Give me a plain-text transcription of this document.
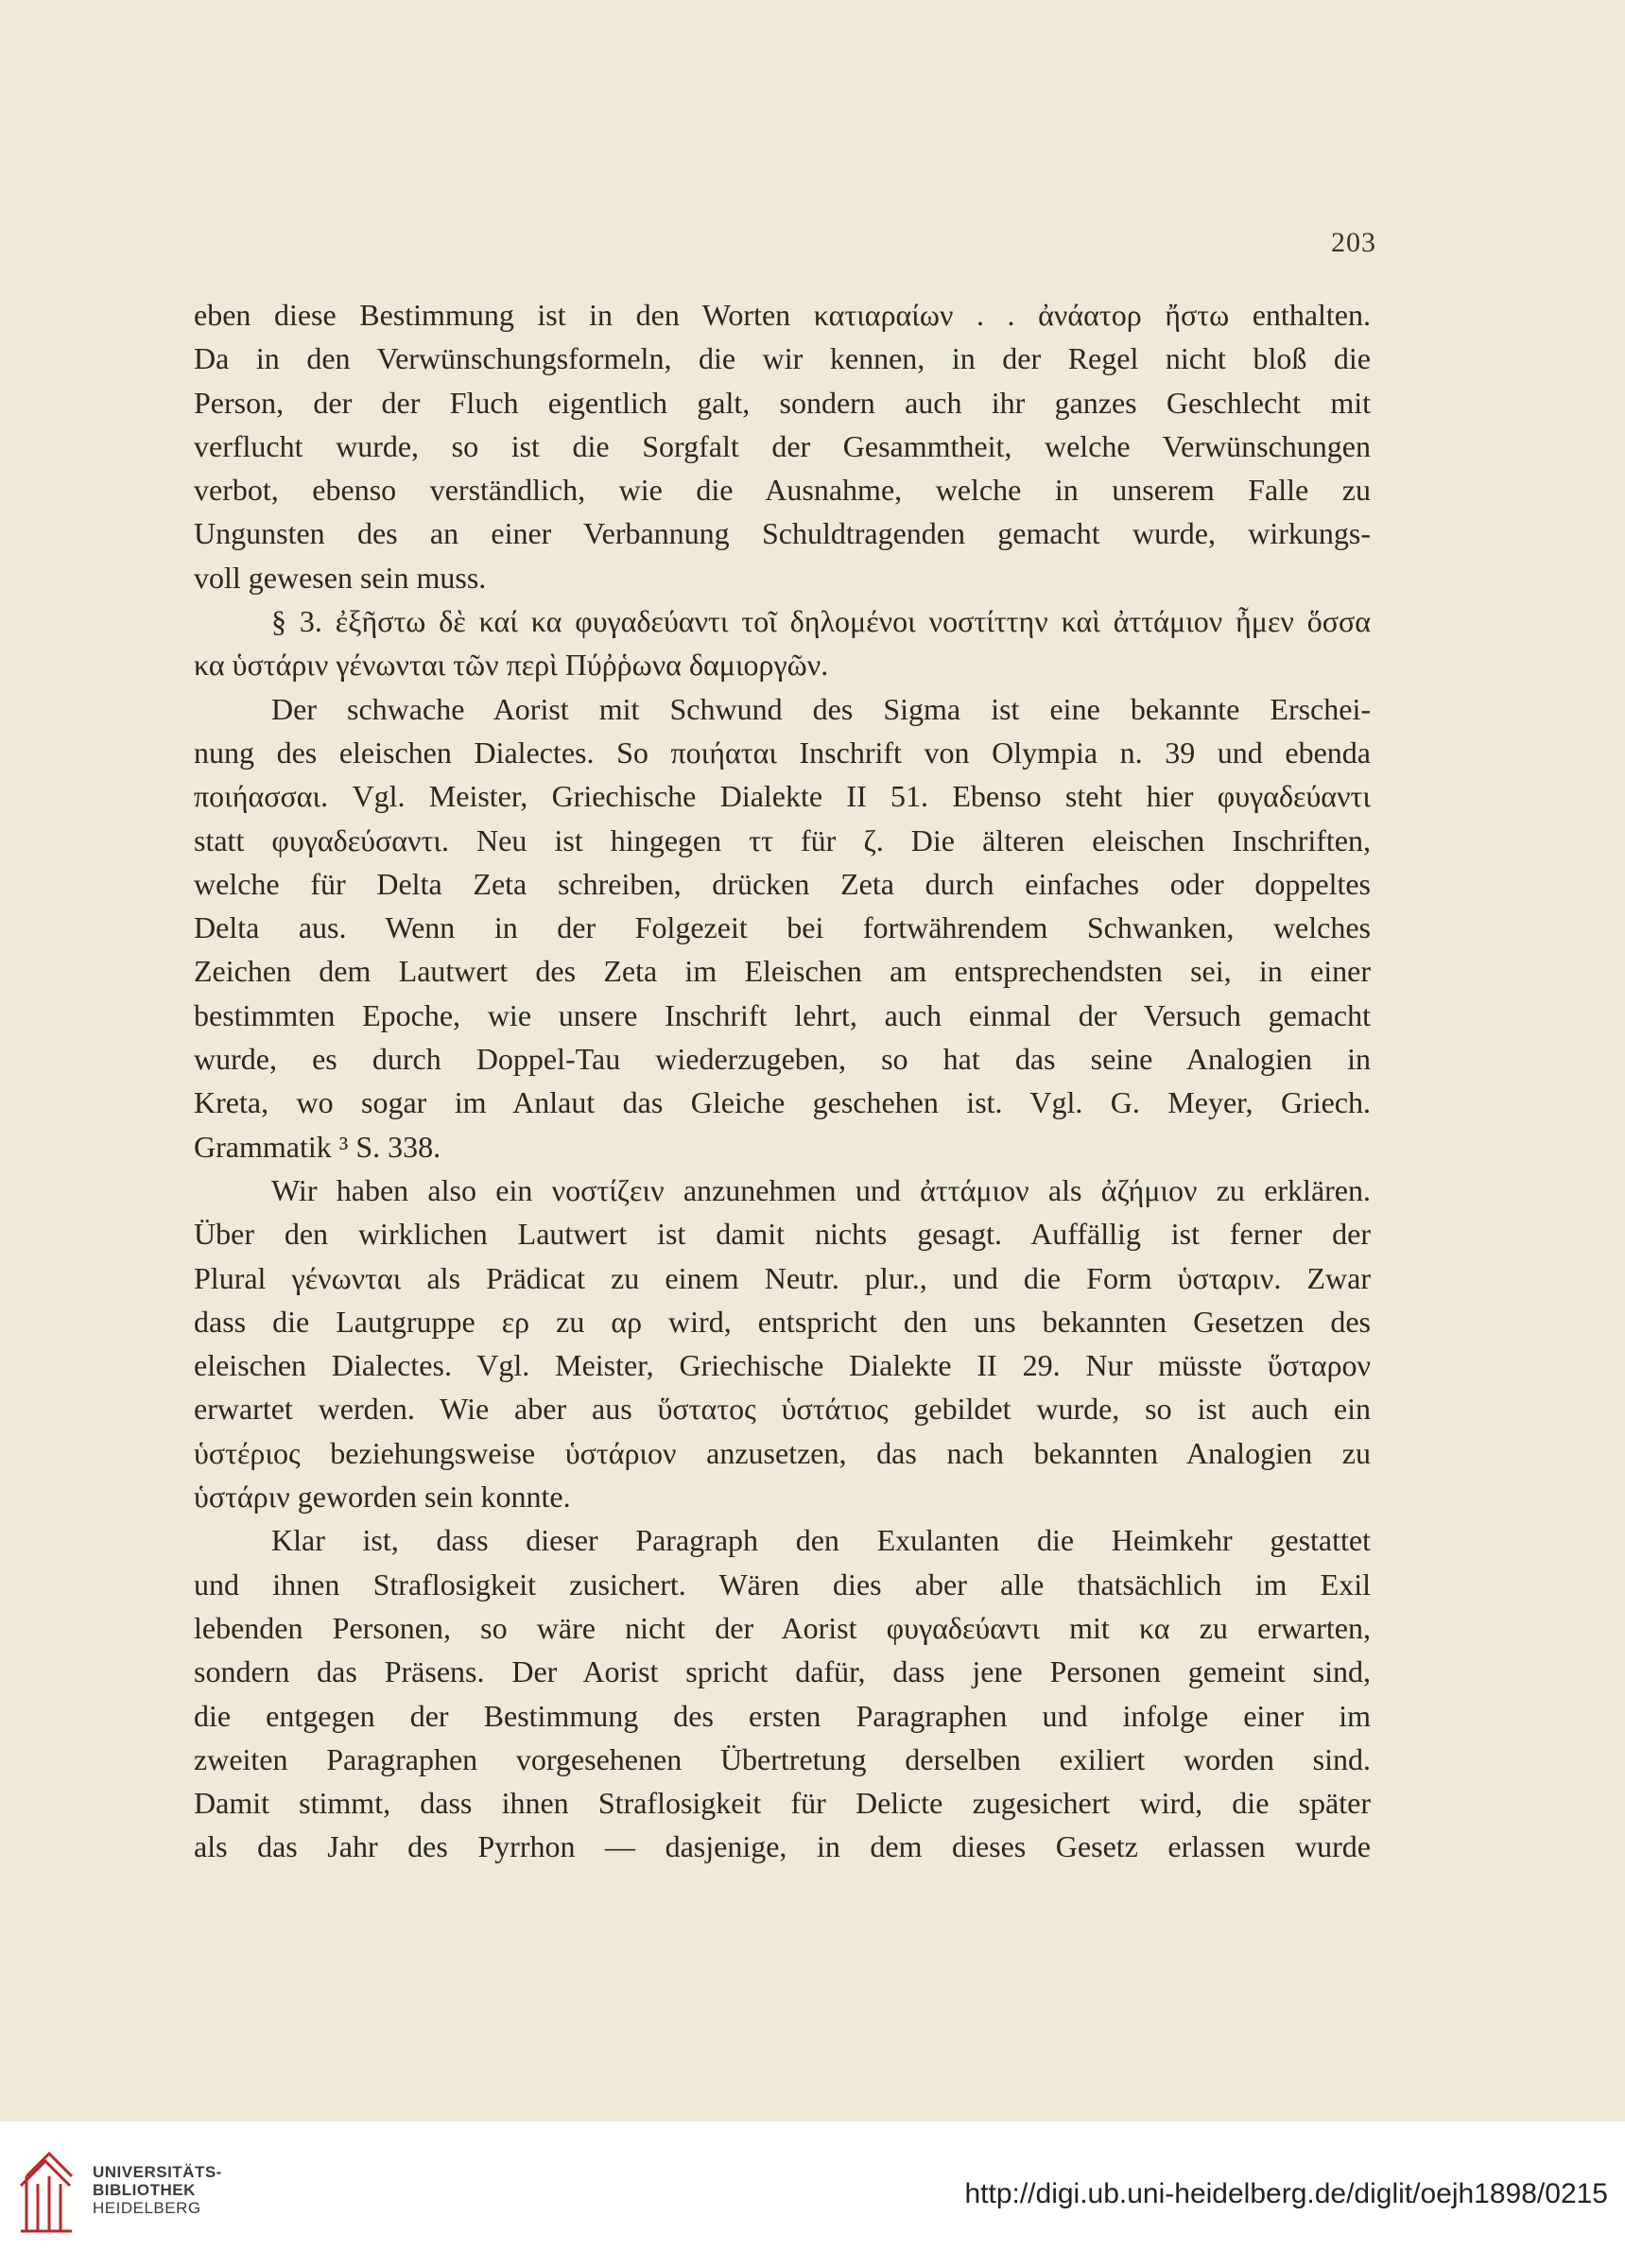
203
eben diese Bestimmung ist in den Worten κατιαραίων . . ἀνάατορ ἤστω enthalten.
Da in den Verwünschungsformeln, die wir kennen, in der Regel nicht bloß die
Person, der der Fluch eigentlich galt, sondern auch ihr ganzes Geschlecht mit
verflucht wurde, so ist die Sorgfalt der Gesammtheit, welche Verwünschungen
verbot, ebenso verständlich, wie die Ausnahme, welche in unserem Falle zu
Ungunsten des an einer Verbannung Schuldtragenden gemacht wurde, wirkungs-
voll gewesen sein muss.
§ 3. ἐξῆστω δὲ καί κα φυγαδεύαντι τοῖ δηλομένοι νοστίττην καὶ ἀττάμιον ἦμεν ὅσσα
κα ὑστάριν γένωνται τῶν περὶ Πύῤῥωνα δαμιοργῶν.
Der schwache Aorist mit Schwund des Sigma ist eine bekannte Erschei-
nung des eleischen Dialectes. So ποιήαται Inschrift von Olympia n. 39 und ebenda
ποιήασσαι. Vgl. Meister, Griechische Dialekte II 51. Ebenso steht hier φυγαδεύαντι
statt φυγαδεύσαντι. Neu ist hingegen ττ für ζ. Die älteren eleischen Inschriften,
welche für Delta Zeta schreiben, drücken Zeta durch einfaches oder doppeltes
Delta aus. Wenn in der Folgezeit bei fortwährendem Schwanken, welches
Zeichen dem Lautwert des Zeta im Eleischen am entsprechendsten sei, in einer
bestimmten Epoche, wie unsere Inschrift lehrt, auch einmal der Versuch gemacht
wurde, es durch Doppel-Tau wiederzugeben, so hat das seine Analogien in
Kreta, wo sogar im Anlaut das Gleiche geschehen ist. Vgl. G. Meyer, Griech.
Grammatik ³ S. 338.
Wir haben also ein νοστίζειν anzunehmen und ἀττάμιον als ἀζήμιον zu erklären.
Über den wirklichen Lautwert ist damit nichts gesagt. Auffällig ist ferner der
Plural γένωνται als Prädicat zu einem Neutr. plur., und die Form ὑσταριν. Zwar
dass die Lautgruppe ερ zu αρ wird, entspricht den uns bekannten Gesetzen des
eleischen Dialectes. Vgl. Meister, Griechische Dialekte II 29. Nur müsste ὕσταρον
erwartet werden. Wie aber aus ὕστατος ὑστάτιος gebildet wurde, so ist auch ein
ὑστέριος beziehungsweise ὑστάριον anzusetzen, das nach bekannten Analogien zu
ὑστάριν geworden sein konnte.
Klar ist, dass dieser Paragraph den Exulanten die Heimkehr gestattet
und ihnen Straflosigkeit zusichert. Wären dies aber alle thatsächlich im Exil
lebenden Personen, so wäre nicht der Aorist φυγαδεύαντι mit κα zu erwarten,
sondern das Präsens. Der Aorist spricht dafür, dass jene Personen gemeint sind,
die entgegen der Bestimmung des ersten Paragraphen und infolge einer im
zweiten Paragraphen vorgesehenen Übertretung derselben exiliert worden sind.
Damit stimmt, dass ihnen Straflosigkeit für Delicte zugesichert wird, die später
als das Jahr des Pyrrhon — dasjenige, in dem dieses Gesetz erlassen wurde
UNIVERSITÄTS-
BIBLIOTHEK
HEIDELBERG	http://digi.ub.uni-heidelberg.de/diglit/oejh1898/0215
